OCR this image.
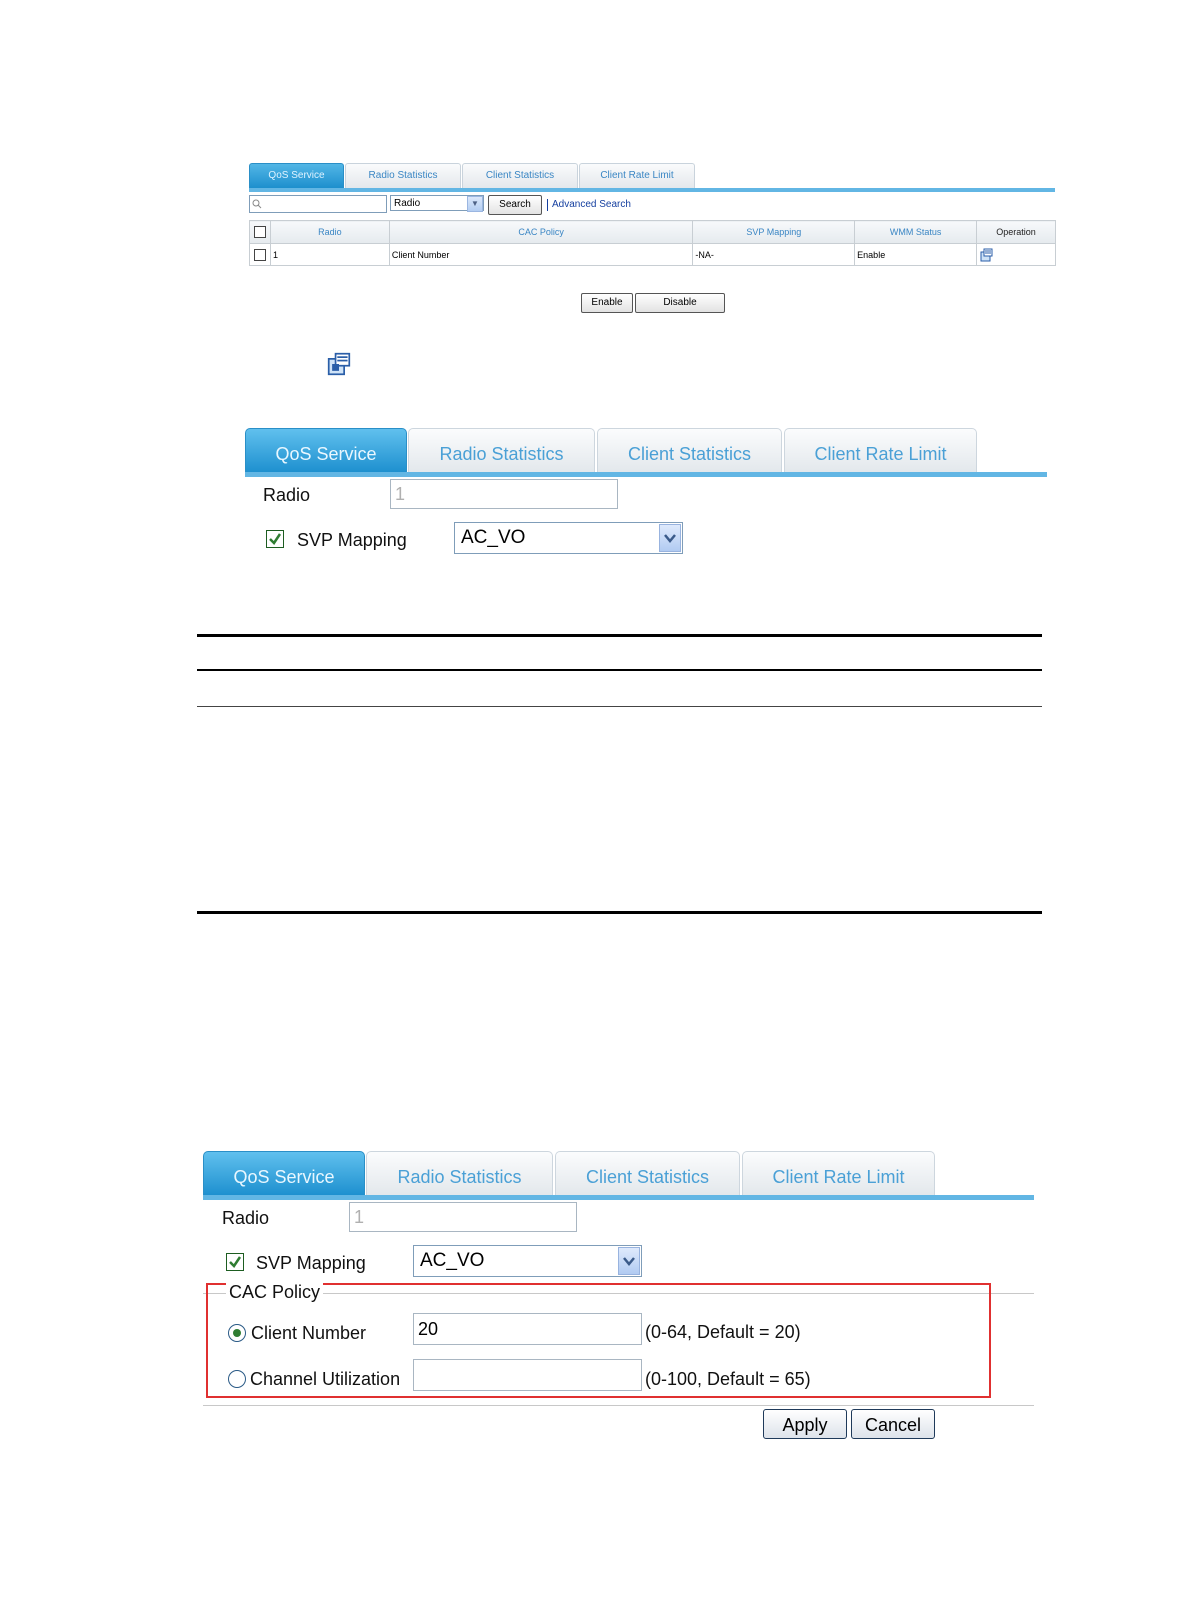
QoS Service	Radio Statistics	Client Statistics	Client Rate Limit
Radio	▼	Search	Advanced Search
	Radio	CAC Policy	SVP Mapping	WMM Status	Operation
	1	Client Number	-NA-	Enable	
Enable	Disable
QoS Service	Radio Statistics	Client Statistics	Client Rate Limit
Radio	1
SVP Mapping	AC_VO
QoS Service	Radio Statistics	Client Statistics	Client Rate Limit
Radio	1
SVP Mapping	AC_VO
CAC Policy
Client Number	20	(0-64, Default = 20)
Channel Utilization	(0-100, Default = 65)
Apply	Cancel
